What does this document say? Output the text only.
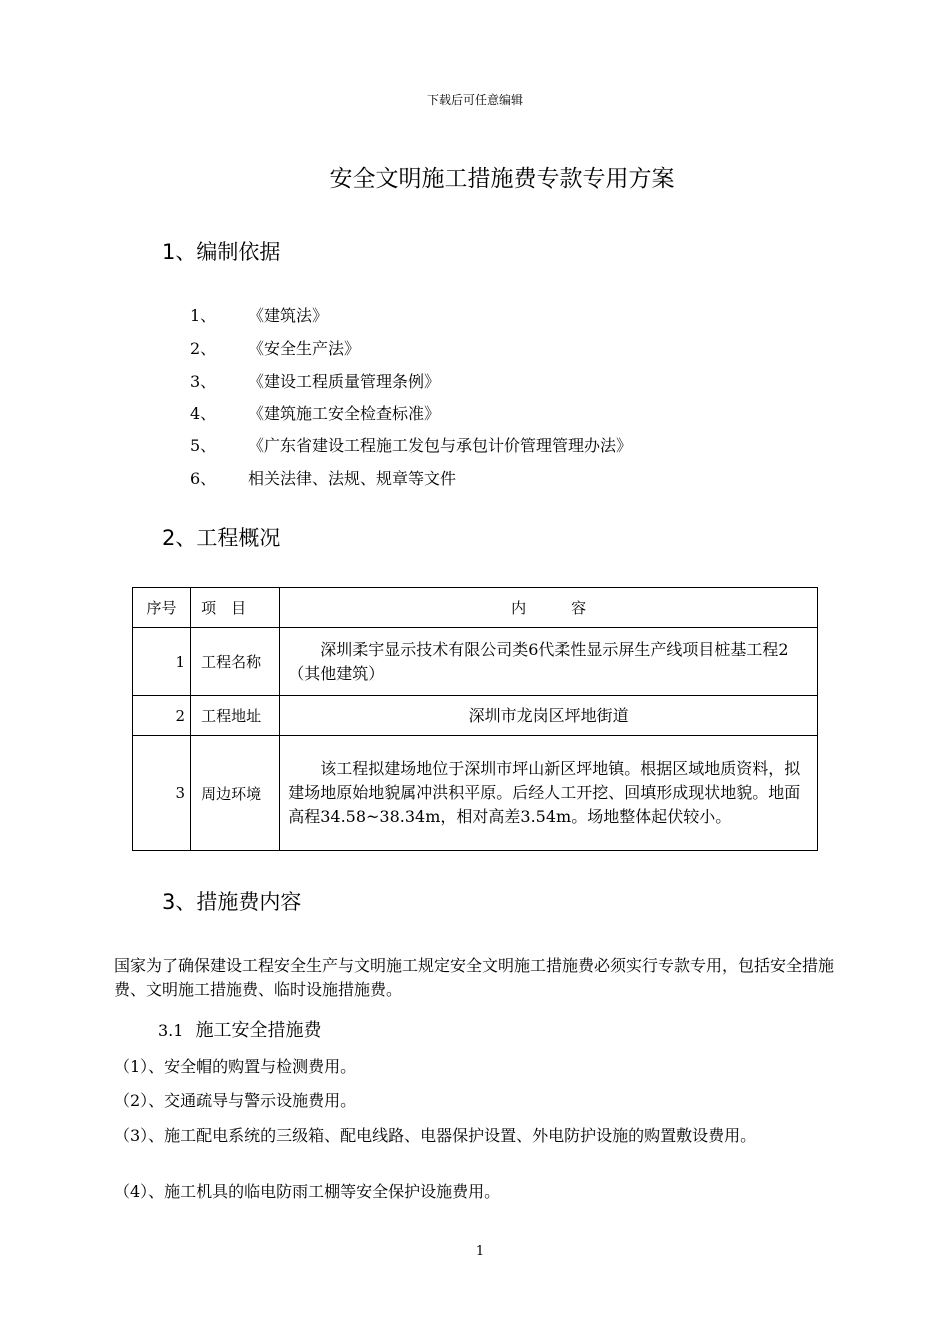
下载后可任意编辑
安全文明施工措施费专款专用方案
1、编制依据
1、 《建筑法》
2、 《安全生产法》
3、 《建设工程质量管理条例》
4、 《建筑施工安全检查标准》
5、 《广东省建设工程施工发包与承包计价管理管理办法》
6、 相关法律、法规、规章等文件
2、工程概况
序号	项　目	内　　　容
1	工程名称	深圳柔宇显示技术有限公司类6代柔性显示屏生产线项目桩基工程2（其他建筑）
2	工程地址	深圳市龙岗区坪地街道
3	周边环境	该工程拟建场地位于深圳市坪山新区坪地镇。根据区域地质资料，拟建场地原始地貌属冲洪积平原。后经人工开挖、回填形成现状地貌。地面高程34.58~38.34m，相对高差3.54m。场地整体起伏较小。
3、措施费内容
国家为了确保建设工程安全生产与文明施工规定安全文明施工措施费必须实行专款专用，包括安全措施费、文明施工措施费、临时设施措施费。
3.1 施工安全措施费
（1）、安全帽的购置与检测费用。
（2）、交通疏导与警示设施费用。
（3）、施工配电系统的三级箱、配电线路、电器保护设置、外电防护设施的购置敷设费用。
（4）、施工机具的临电防雨工棚等安全保护设施费用。
1
